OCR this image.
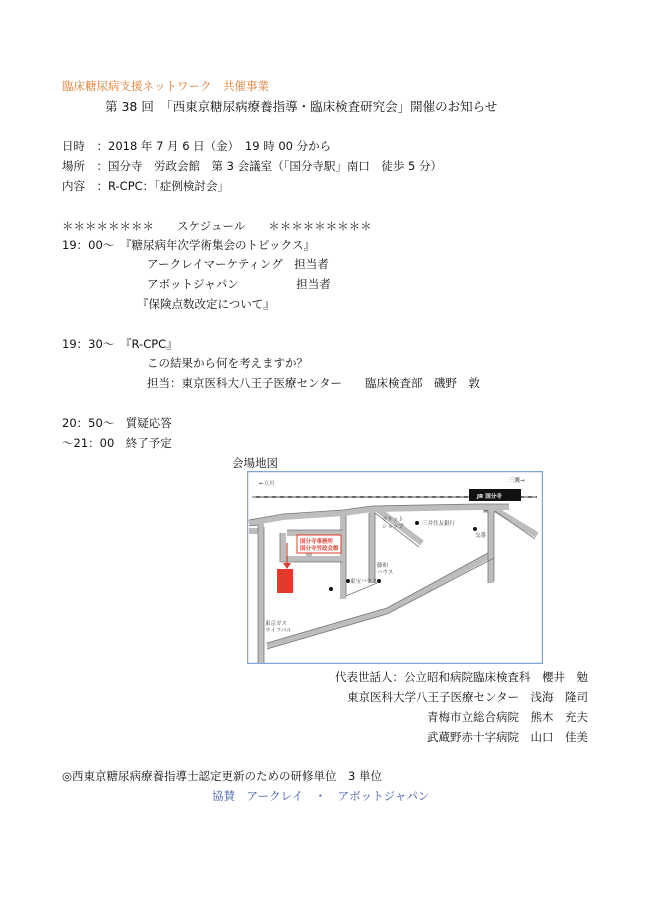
臨床糖尿病支援ネットワーク　共催事業
第 38 回　「西東京糖尿病療養指導・臨床検査研究会」開催のお知らせ
日時　：2018 年 7 月 6 日（金）　19 時 00 分から
場所　：国分寺　労政会館　第 3 会議室（「国分寺駅」南口　徒歩 5 分）
内容　：R-CPC：「症例検討会」
＊＊＊＊＊＊＊＊　　スケジュール　　＊＊＊＊＊＊＊＊＊
19：00～　『糖尿病年次学術集会のトピックス』
アークレイマーケティング　担当者
アボットジャパン　　　　　担当者
『保険点数改定について』
19：30～　『R-CPC』
この結果から何を考えますか？
担当：東京医科大八王子医療センター　　臨床検査部　磯野　敦
20：50～　質疑応答
～21：00　終了予定
会場地図
←立川	三鷹→
JR 国分寺
南口
国分寺事務所
国分寺労政会館
ラケットショップ	三井住友銀行
交番
藤和ハウス
東宝ハウス
東京ガスライフバル
代表世話人：公立昭和病院臨床検査科　櫻井　勉
東京医科大学八王子医療センター　浅海　隆司
青梅市立総合病院　熊木　充夫
武蔵野赤十字病院　山口　佳美
◎西東京糖尿病療養指導士認定更新のための研修単位　3 単位
協賛　アークレイ　・　アボットジャパン
